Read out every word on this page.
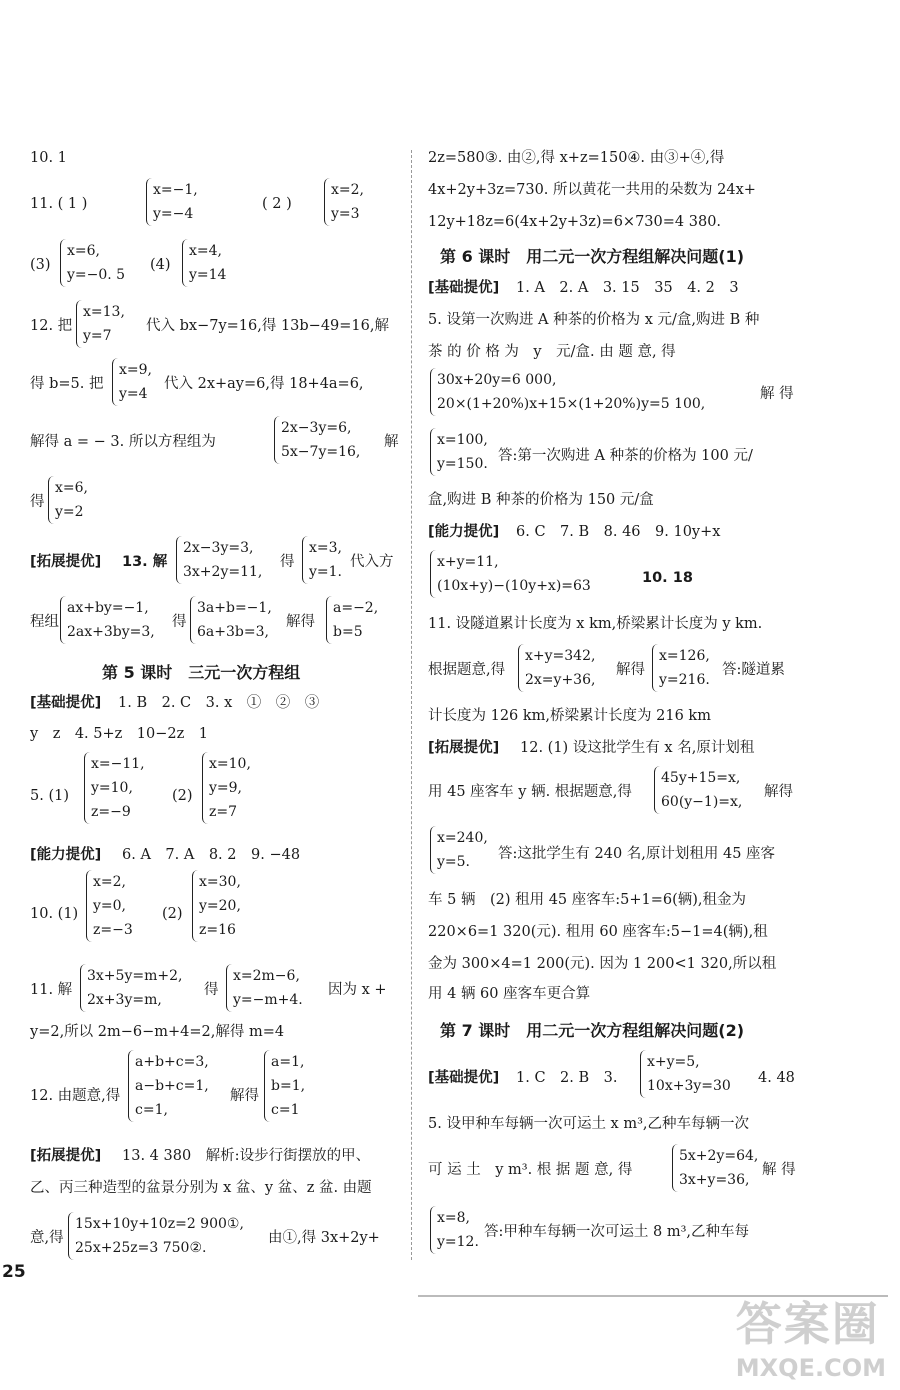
10. 1
11. ( 1 )
x=−1,
y=−4
( 2 )
x=2,
y=3
(3)
x=6,
y=−0. 5
(4)
x=4,
y=14
12. 把
x=13,
y=7
代入 bx−7y=16,得 13b−49=16,解
得 b=5. 把
x=9,
y=4
代入 2x+ay=6,得 18+4a=6,
解得 a = − 3. 所以方程组为
2x−3y=6,
5x−7y=16,
解
得
x=6,
y=2
[拓展提优] 13. 解
2x−3y=3,
3x+2y=11,
得
x=3,
y=1.
代入方
程组
ax+by=−1,
2ax+3by=3,
得
3a+b=−1,
6a+3b=3,
解得
a=−2,
b=5
第 5 课时　三元一次方程组
[基础提优] 1. B　2. C　3. x　①　②　③
y　z　4. 5+z　10−2z　1
5. (1)
x=−11,
y=10,
z=−9
(2)
x=10,
y=9,
z=7
[能力提优] 6. A　7. A　8. 2　9. −48
10. (1)
x=2,
y=0,
z=−3
(2)
x=30,
y=20,
z=16
11. 解
3x+5y=m+2,
2x+3y=m,
得
x=2m−6,
y=−m+4.
因为 x +
y=2,所以 2m−6−m+4=2,解得 m=4
12. 由题意,得
a+b+c=3,
a−b+c=1,
c=1,
解得
a=1,
b=1,
c=1
[拓展提优] 13. 4 380　解析:设步行街摆放的甲、
乙、丙三种造型的盆景分别为 x 盆、y 盆、z 盆. 由题
意,得
15x+10y+10z=2 900①,
25x+25z=3 750②.
由①,得 3x+2y+
2z=580③. 由②,得 x+z=150④. 由③+④,得
4x+2y+3z=730. 所以黄花一共用的朵数为 24x+
12y+18z=6(4x+2y+3z)=6×730=4 380.
第 6 课时　用二元一次方程组解决问题(1)
[基础提优] 1. A　2. A　3. 15　35　4. 2　3
5. 设第一次购进 A 种茶的价格为 x 元/盒,购进 B 种
茶 的 价 格 为　y　元/盒. 由 题 意, 得
30x+20y=6 000,
20×(1+20%)x+15×(1+20%)y=5 100,
解 得
x=100,
y=150. 答:第一次购进 A 种茶的价格为 100 元/
盒,购进 B 种茶的价格为 150 元/盒
[能力提优] 6. C　7. B　8. 46　9. 10y+x
x+y=11,
(10x+y)−(10y+x)=63	10. 18
11. 设隧道累计长度为 x km,桥梁累计长度为 y km.
根据题意,得
x+y=342,
2x=y+36,
解得
x=126,
y=216.
答:隧道累
计长度为 126 km,桥梁累计长度为 216 km
[拓展提优] 12. (1) 设这批学生有 x 名,原计划租
用 45 座客车 y 辆. 根据题意,得
45y+15=x,
60(y−1)=x,
解得
x=240,
y=5.	答:这批学生有 240 名,原计划租用 45 座客
车 5 辆　(2) 租用 45 座客车:5+1=6(辆),租金为
220×6=1 320(元). 租用 60 座客车:5−1=4(辆),租
金为 300×4=1 200(元). 因为 1 200<1 320,所以租
用 4 辆 60 座客车更合算
第 7 课时　用二元一次方程组解决问题(2)
[基础提优] 1. C　2. B　3.
x+y=5,
10x+3y=30 4. 48
5. 设甲种车每辆一次可运土 x m³,乙种车每辆一次
可 运 土　y m³. 根 据 题 意, 得
5x+2y=64,
3x+y=36,
解 得
x=8,
y=12.
答:甲种车每辆一次可运土 8 m³,乙种车每
25
答案圈
MXQE.COM
